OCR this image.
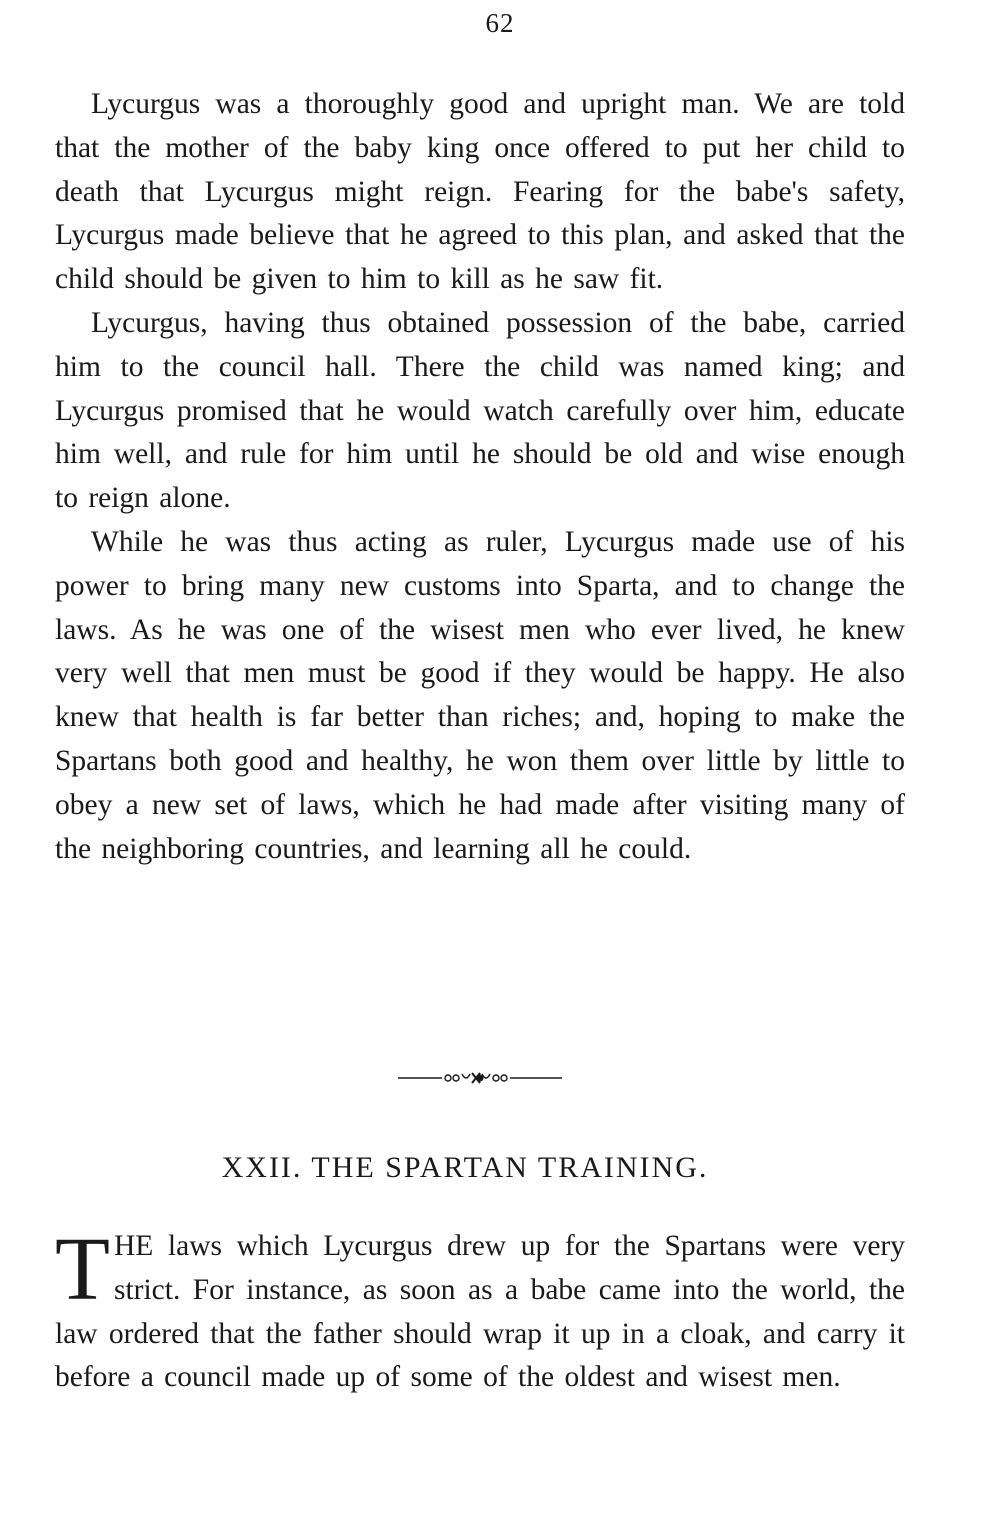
62

Lycurgus was a thoroughly good and upright man. We are told that the mother of the baby king once offered to put her child to death that Lycurgus might reign. Fearing for the babe's safety, Lycurgus made believe that he agreed to this plan, and asked that the child should be given to him to kill as he saw fit.

Lycurgus, having thus obtained possession of the babe, carried him to the council hall. There the child was named king; and Lycurgus promised that he would watch carefully over him, educate him well, and rule for him until he should be old and wise enough to reign alone.

While he was thus acting as ruler, Lycurgus made use of his power to bring many new customs into Sparta, and to change the laws. As he was one of the wisest men who ever lived, he knew very well that men must be good if they would be happy. He also knew that health is far better than riches; and, hoping to make the Spartans both good and healthy, he won them over little by little to obey a new set of laws, which he had made after visiting many of the neighboring countries, and learning all he could.

XXII. THE SPARTAN TRAINING.

THE laws which Lycurgus drew up for the Spartans were very strict. For instance, as soon as a babe came into the world, the law ordered that the father should wrap it up in a cloak, and carry it before a council made up of some of the oldest and wisest men.
